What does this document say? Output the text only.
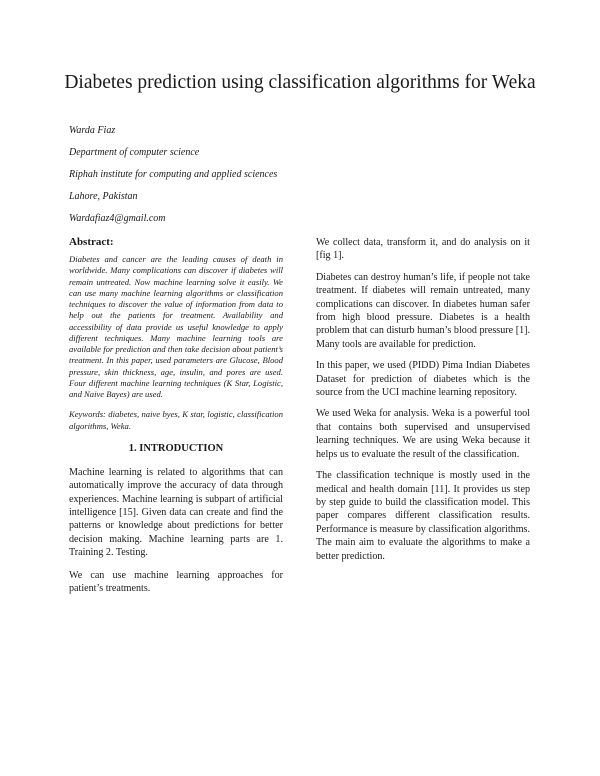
Diabetes prediction using classification algorithms for Weka
Warda Fiaz
Department of computer science
Riphah institute for computing and applied sciences
Lahore, Pakistan
Wardafiaz4@gmail.com
Abstract:

Diabetes and cancer are the leading causes of death in worldwide. Many complications can discover if diabetes will remain untreated. Now machine learning solve it easily. We can use many machine learning algorithms or classification techniques to discover the value of information from data to help out the patients for treatment. Availability and accessibility of data provide us useful knowledge to apply different techniques. Many machine learning tools are available for prediction and then take decision about patient’s treatment. In this paper, used parameters are Glucose, Blood pressure, skin thickness, age, insulin, and pores are used. Four different machine learning techniques (K Star, Logistic, and Naive Bayes) are used.

Keywords: diabetes, naive byes, K star, logistic, classification algorithms, Weka.

1. INTRODUCTION

Machine learning is related to algorithms that can automatically improve the accuracy of data through experiences. Machine learning is subpart of artificial intelligence [15]. Given data can create and find the patterns or knowledge about predictions for better decision making. Machine learning parts are 1. Training 2. Testing.

We can use machine learning approaches for patient’s treatments.

We collect data, transform it, and do analysis on it [fig 1].

Diabetes can destroy human’s life, if people not take treatment. If diabetes will remain untreated, many complications can discover. In diabetes human safer from high blood pressure. Diabetes is a health problem that can disturb human’s blood pressure [1]. Many tools are available for prediction.

In this paper, we used (PIDD) Pima Indian Diabetes Dataset for prediction of diabetes which is the source from the UCI machine learning repository.

We used Weka for analysis. Weka is a powerful tool that contains both supervised and unsupervised learning techniques. We are using Weka because it helps us to evaluate the result of the classification.

The classification technique is mostly used in the medical and health domain [11]. It provides us step by step guide to build the classification model. This paper compares different classification results. Performance is measure by classification algorithms. The main aim to evaluate the algorithms to make a better prediction.
